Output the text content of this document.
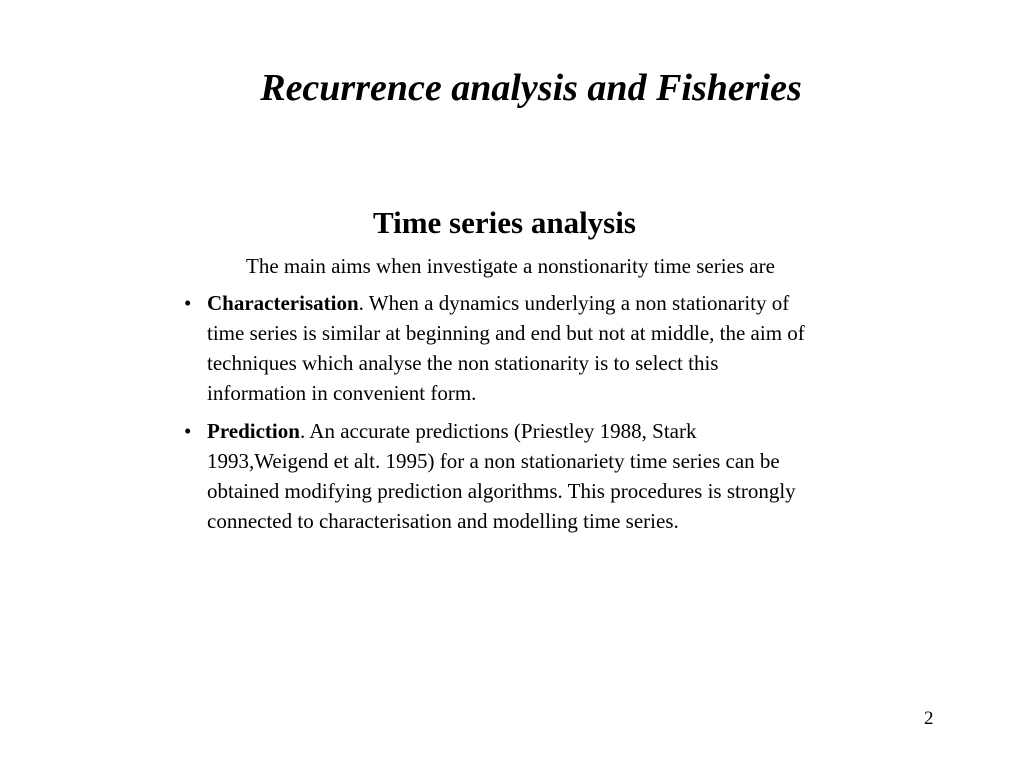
Recurrence analysis and Fisheries
Time series analysis
The main aims when investigate a nonstionarity time series are
• Characterisation. When a dynamics underlying a non stationarity of
time series is similar at beginning and end but not at middle, the aim of
techniques which analyse the non stationarity is to select this
information in convenient form.
• Prediction. An accurate predictions (Priestley 1988, Stark
1993,Weigend et alt. 1995) for a non stationariety time series can be
obtained modifying prediction algorithms. This procedures is strongly
connected to characterisation and modelling time series.
2
